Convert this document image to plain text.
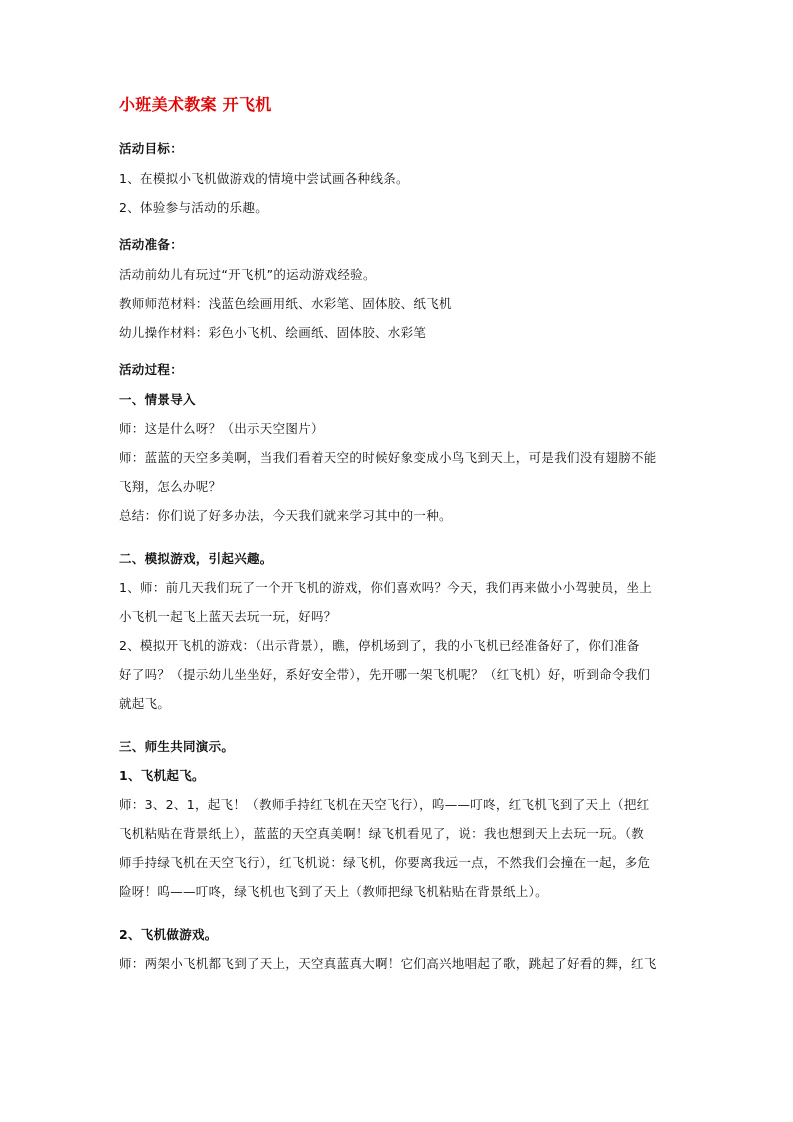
小班美术教案 开飞机
活动目标：
1、在模拟小飞机做游戏的情境中尝试画各种线条。
2、体验参与活动的乐趣。
活动准备：
活动前幼儿有玩过“开飞机”的运动游戏经验。
教师师范材料：浅蓝色绘画用纸、水彩笔、固体胶、纸飞机
幼儿操作材料：彩色小飞机、绘画纸、固体胶、水彩笔
活动过程：
一、情景导入
师：这是什么呀？（出示天空图片）
师：蓝蓝的天空多美啊，当我们看着天空的时候好象变成小鸟飞到天上，可是我们没有翅膀不能
飞翔，怎么办呢？
总结：你们说了好多办法，今天我们就来学习其中的一种。
二、模拟游戏，引起兴趣。
1、师：前几天我们玩了一个开飞机的游戏，你们喜欢吗？今天，我们再来做小小驾驶员，坐上
小飞机一起飞上蓝天去玩一玩，好吗？
2、模拟开飞机的游戏：（出示背景），瞧，停机场到了，我的小飞机已经准备好了，你们准备
好了吗？（提示幼儿坐坐好，系好安全带），先开哪一架飞机呢？（红飞机）好，听到命令我们
就起飞。
三、师生共同演示。
1、飞机起飞。
师：3、2、1，起飞！（教师手持红飞机在天空飞行），呜——叮咚，红飞机飞到了天上（把红
飞机粘贴在背景纸上），蓝蓝的天空真美啊！绿飞机看见了，说：我也想到天上去玩一玩。（教
师手持绿飞机在天空飞行），红飞机说：绿飞机，你要离我远一点，不然我们会撞在一起，多危
险呀！呜——叮咚，绿飞机也飞到了天上（教师把绿飞机粘贴在背景纸上）。
2、飞机做游戏。
师：两架小飞机都飞到了天上，天空真蓝真大啊！它们高兴地唱起了歌，跳起了好看的舞，红飞
